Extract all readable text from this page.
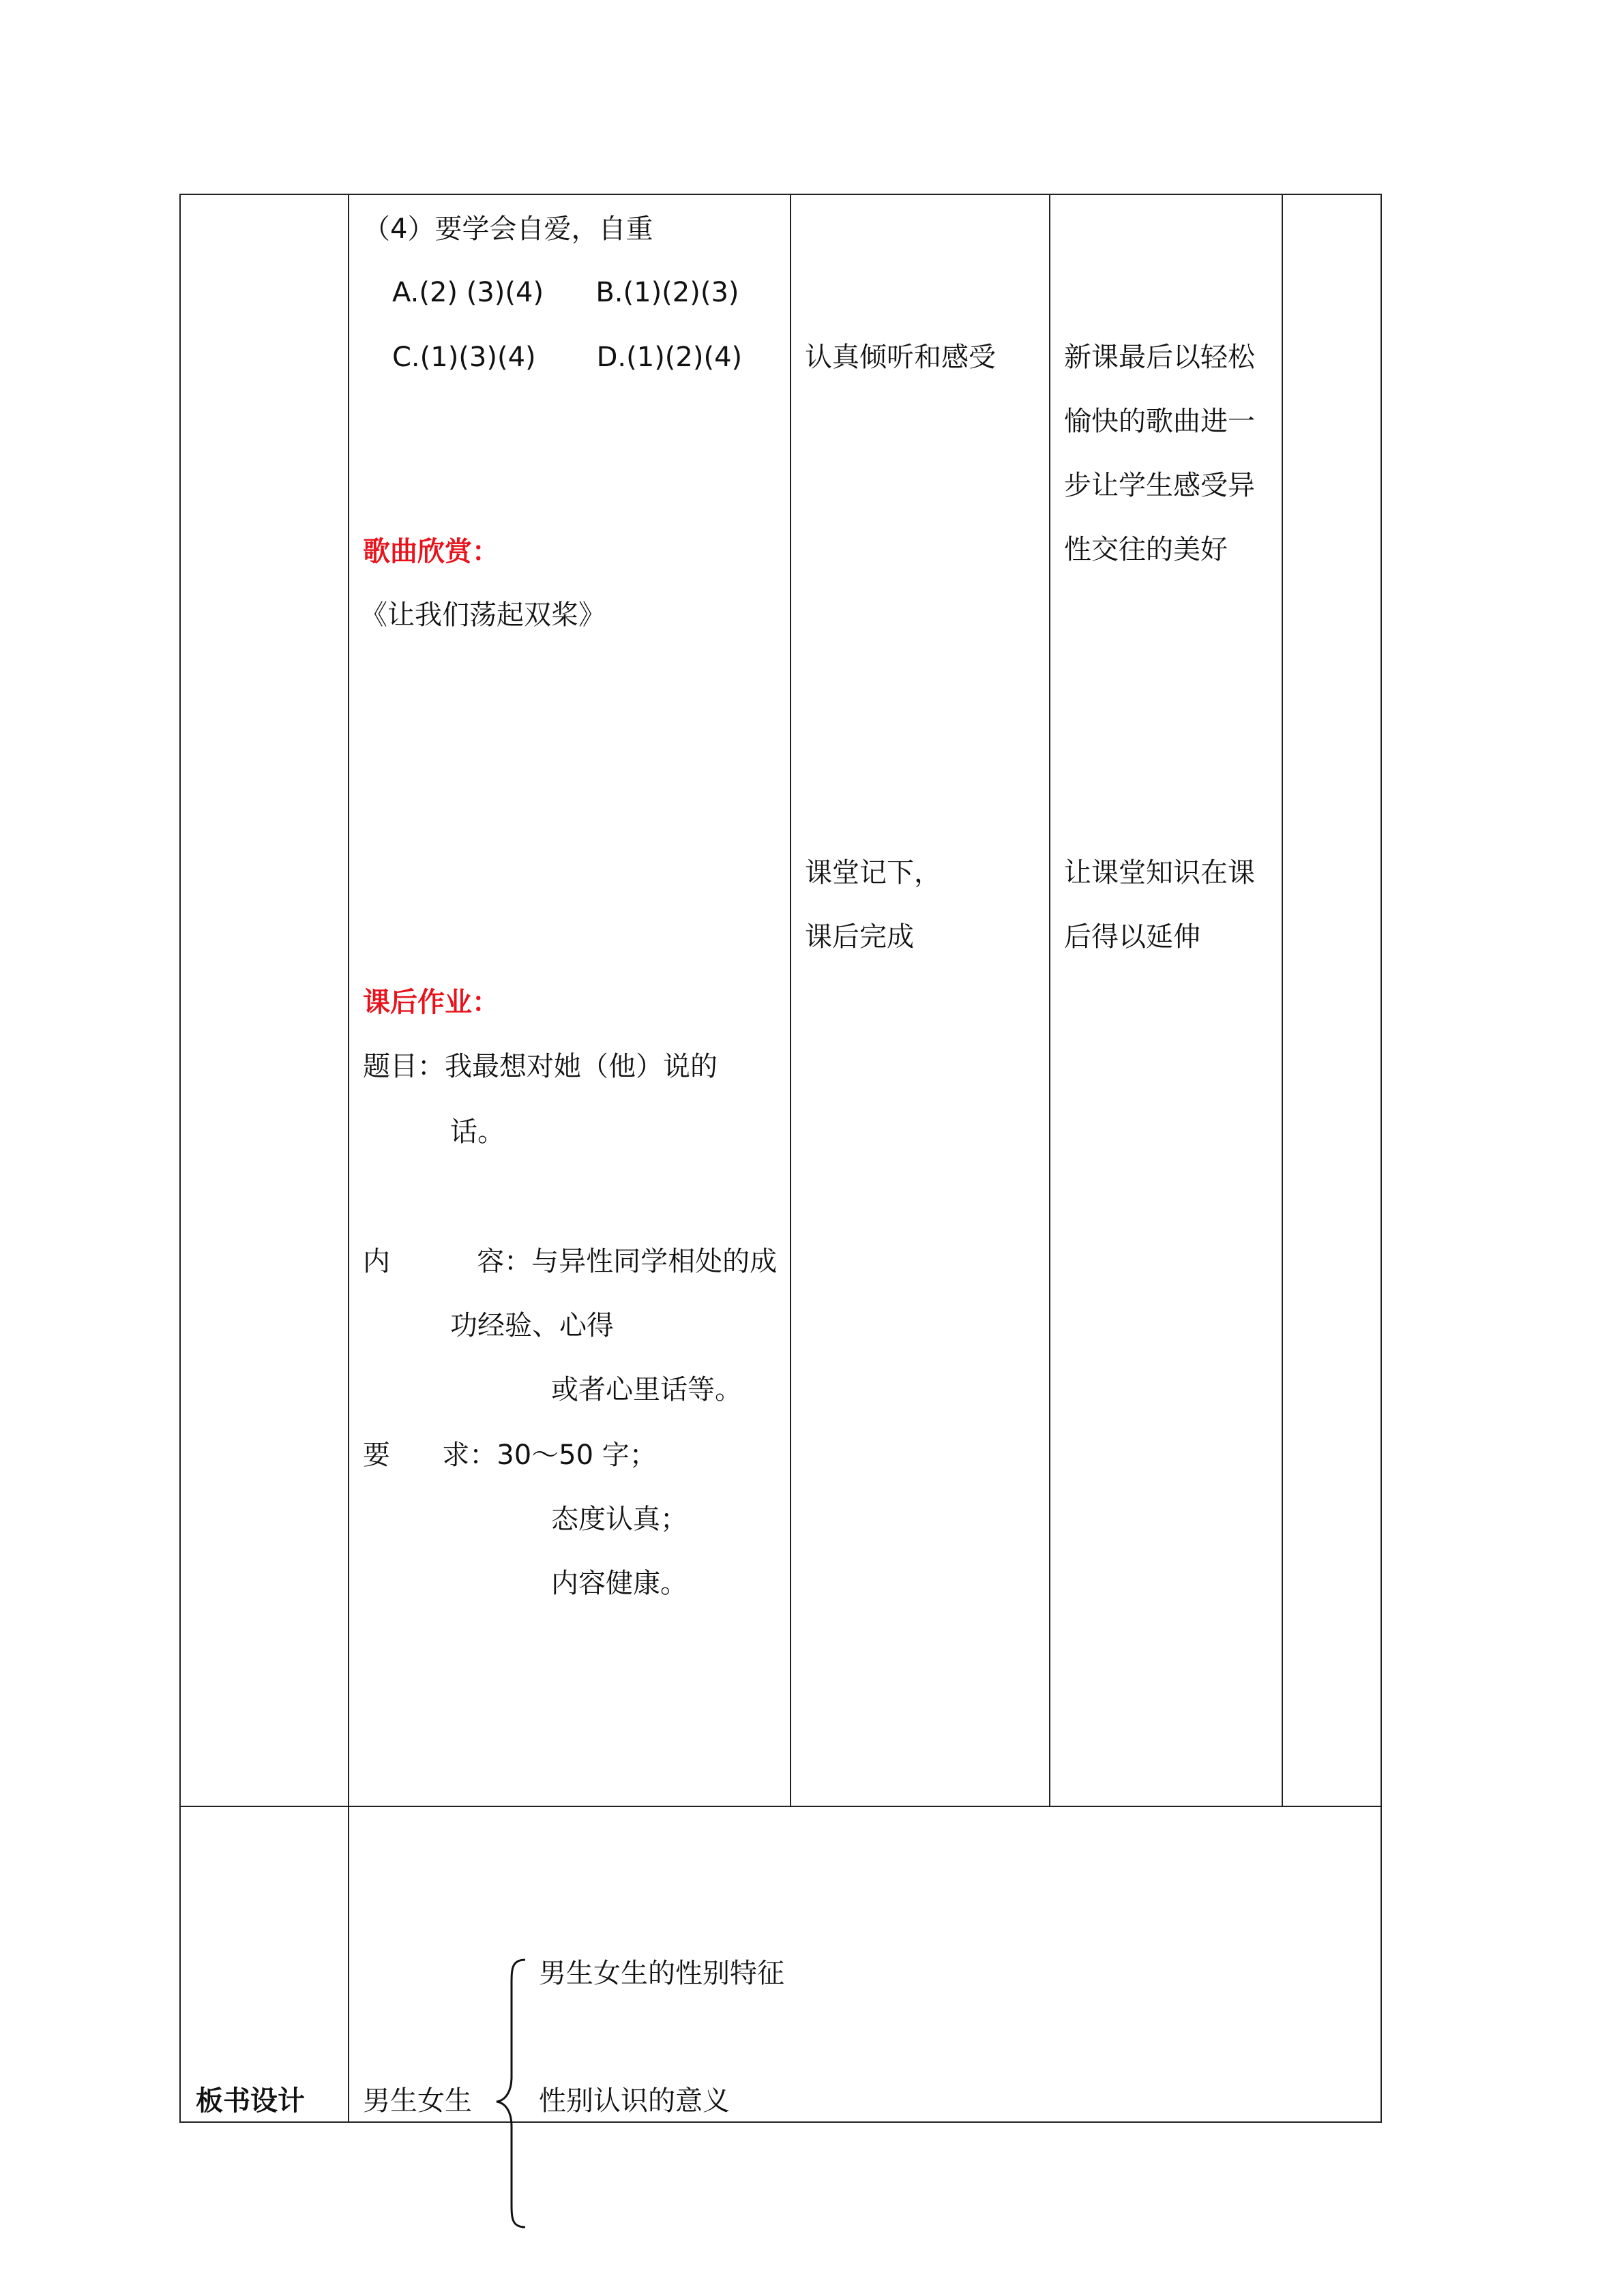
（4）要学会自爱，自重
A.(2) (3)(4)      B.(1)(2)(3)
C.(1)(3)(4)       D.(1)(2)(4)
歌曲欣赏：
《让我们荡起双桨》
课后作业：
题目：我最想对她（他）说的
话。
内          容：与异性同学相处的成
功经验、心得
或者心里话等。
要      求：30～50 字；
态度认真；
内容健康。
认真倾听和感受
课堂记下，
课后完成
新课最后以轻松
愉快的歌曲进一
步让学生感受异
性交往的美好
让课堂知识在课
后得以延伸
板书设计 男生女生
男生女生的性别特征
性别认识的意义
